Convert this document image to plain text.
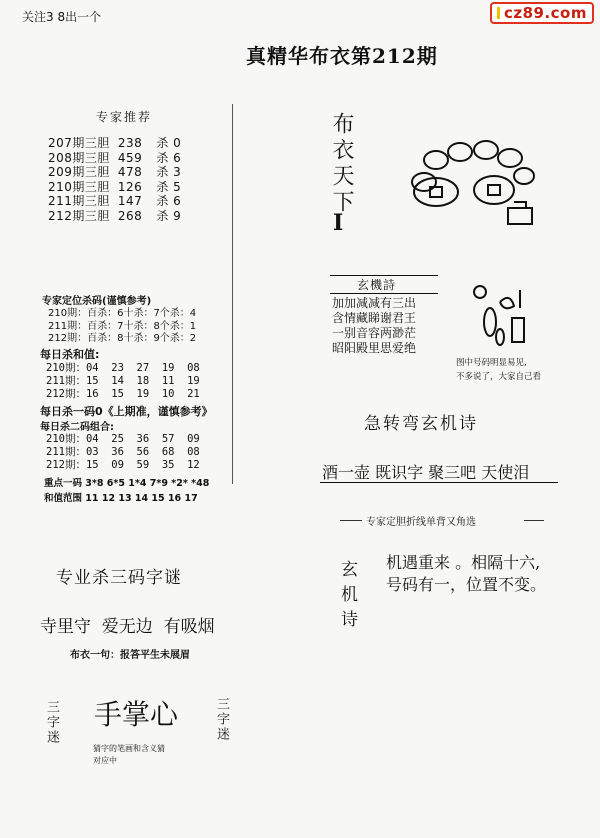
关注3 8出一个	cz89.com
真精华布衣第212期
专家推荐
207期三胆 238 杀 0
208期三胆 459 杀 6
209期三胆 478 杀 3
210期三胆 126 杀 5
211期三胆 147 杀 6
212期三胆 268 杀 9
专家定位杀码(谨慎参考)
210期：百杀：6十杀：7个杀：4
211期：百杀：7十杀：8个杀：1
212期：百杀：8十杀：9个杀：2
每日杀和值:
210期：04  23  27  19  08
211期：15  14  18  11  19
212期：16  15  19  10  21
每日杀一码0《上期准，谨慎参考》
每日杀二码组合:
210期：04  25  36  57  09
211期：03  36  56  68  08
212期：15  09  59  35  12
重点一码 3*8 6*5 1*4 7*9 *2* *48
和值范围 11 12 13 14 15 16 17
布衣天下
I
玄機詩
加加减减有三出
含情藏睇谢君王
一别音容两渺茫
昭阳殿里思爱绝
图中号码明显易见,
不多说了，大家自己看
急转弯玄机诗
酒一壶 既识字 聚三吧 天使泪
专家定胆折线单背又角选
玄机诗 机遇重来 。相隔十六,
号码有一，位置不变。
专业杀三码字谜
寺里守  爱无边  有吸烟
布衣一句：报答平生未展眉
三字迷 手掌心	三字迷
猜字的笔画和含义猜
对应中
